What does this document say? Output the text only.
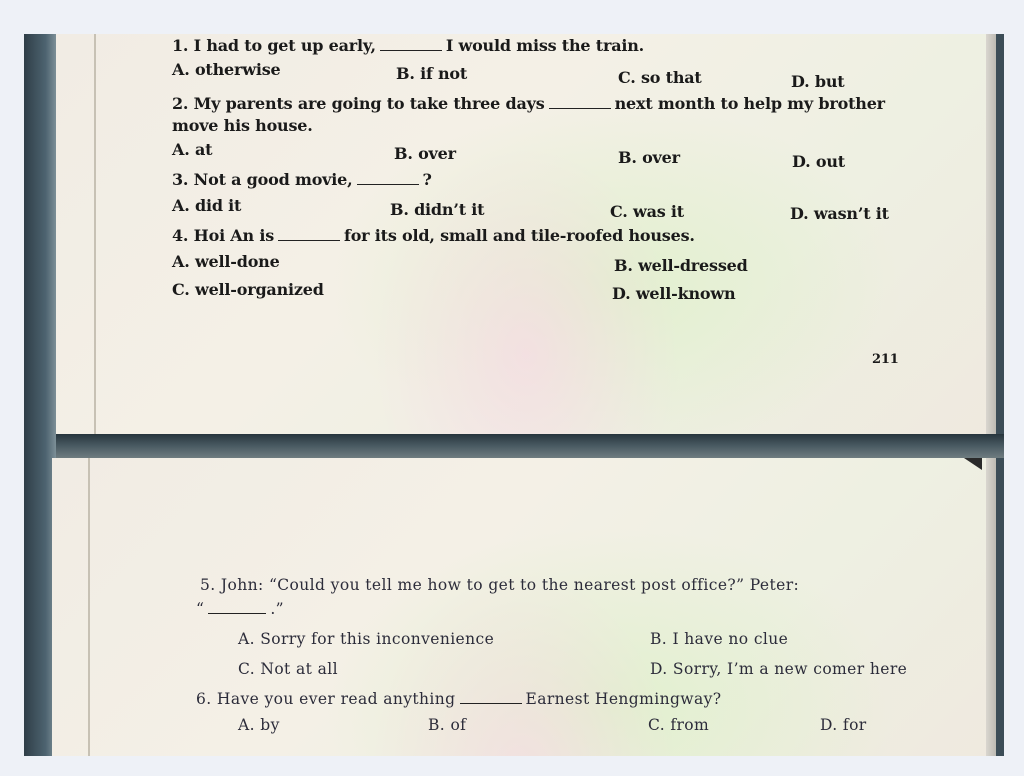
1. I had to get up early,	I would miss the train.
A. otherwise	B. if not	C. so that	D. but
2. My parents are going to take three days	next month to help my brother
move his house.
A. at	B. over	B. over	D. out
3. Not a good movie,	?
A. did it	B. didn’t it	C. was it	D. wasn’t it
4. Hoi An is	for its old, small and tile-roofed houses.
A. well-done	B. well-dressed
C. well-organized	D. well-known
211
5. John: “Could you tell me how to get to the nearest post office?” Peter:
“	.”
A. Sorry for this inconvenience	B. I have no clue
C. Not at all	D. Sorry, I’m a new comer here
6. Have you ever read anything	Earnest Hengmingway?
A. by	B. of	C. from	D. for
